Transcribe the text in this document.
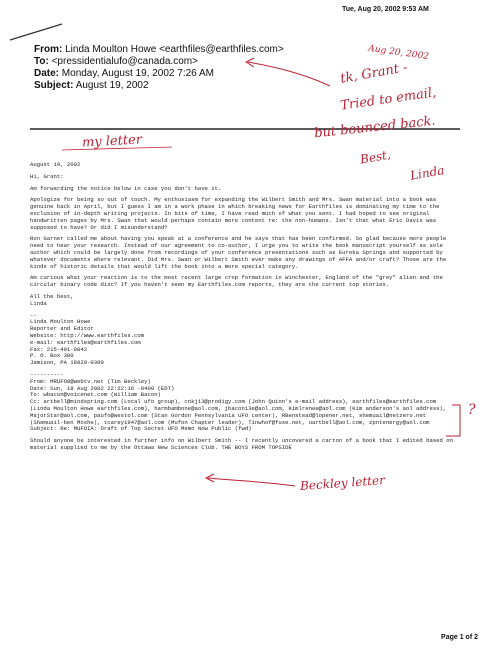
Tue, Aug 20, 2002 9:53 AM
From: Linda Moulton Howe <earthfiles@earthfiles.com>
To: <pressidentialufo@canada.com>
Date: Monday, August 19, 2002 7:26 AM
Subject: August 19, 2002
Aug 20, 2002
tk, Grant -
Tried to email,
but bounced back.
Best,
Linda
my letter
Beckley letter
?

August 19, 2002

Hi, Grant:

Am forwarding the notice below in case you don't have it.

Apologize for being so out of touch. My enthusiasm for expanding the Wilbert Smith and Mrs. Swan material into a book was genuine back in April, but I guess I am in a work phase in which breaking news for Earthfiles is dominating my time to the exclusion of in-depth writing projects. In bits of time, I have read much of what you sent. I had hoped to see original handwritten pages by Mrs. Swan that would perhaps contain more content re: the non-humans. Isn't that what Eric Davis was supposed to have? Or did I misunderstand?

Ron Garner called me about having you speak at a conference and he says that has been confirmed. So glad because more people need to hear your research. Instead of our agreement to co-author, I urge you to write the book manuscript yourself as sole author which could be largely done from recordings of your conference presentations such as Eureka Springs and supported by whatever documents where relevant. Did Mrs. Swan or Wilbert Smith ever make any drawings of AFFA and/or craft? Those are the kinds of historic details that would lift the book into a more special category.

Am curious what your reaction is to the most recent large crop formation in Winchester, England of the "grey" alien and the circular binary code disc? If you haven't seen my Earthfiles.com reports, they are the current top stories.

All the best,

Linda

--
Linda Moulton Howe
Reporter and Editor
Website: http://www.earthfiles.com
e-mail: earthfiles@earthfiles.com
Fax: 215-491-9842
P. O. Box 300

Jamison, PA 18929-0300

----------
From: MRUFO8@webtv.net (Tim Beckley)
Date: Sun, 18 Aug 2002 22:22:16 -0400 (EDT)
To: wbacon@voicenet.com (William Bacon)
Cc: artbell@mindspring.com (Local ufo group), cnkj13@prodigy.com (John Quinn's e-mail address), earthfiles@earthfiles.com (Linda Moulton Howe earthfiles.com), harmbambone@aol.com, jbacon13e@aol.com, Kimlrenee@aol.com (Kim anderson's aol address), MajorStar@aol.com, paufo@westol.com (Stan Gordon Pennsylvania UFO center), RBenstead@lopener.net, shemuail@netzero.net (Shemuail-ben Moshe), tcarey1947@aol.com (Mufon Chapter leader), Tinwhof@fuse.net, uartbell@aol.com, zpntenergy@aol.com

Subject: Re: MUFOIA: Draft of Top Secret UFO Memo Now Public (fwd)

Should anyone be interested in further info on Wilbert Smith -- I recently uncovered a carton of a book that I edited based on material supplied to me by the Ottawa New Sciences Club. THE BOYS FROM TOPSIDE

Page 1 of 2
